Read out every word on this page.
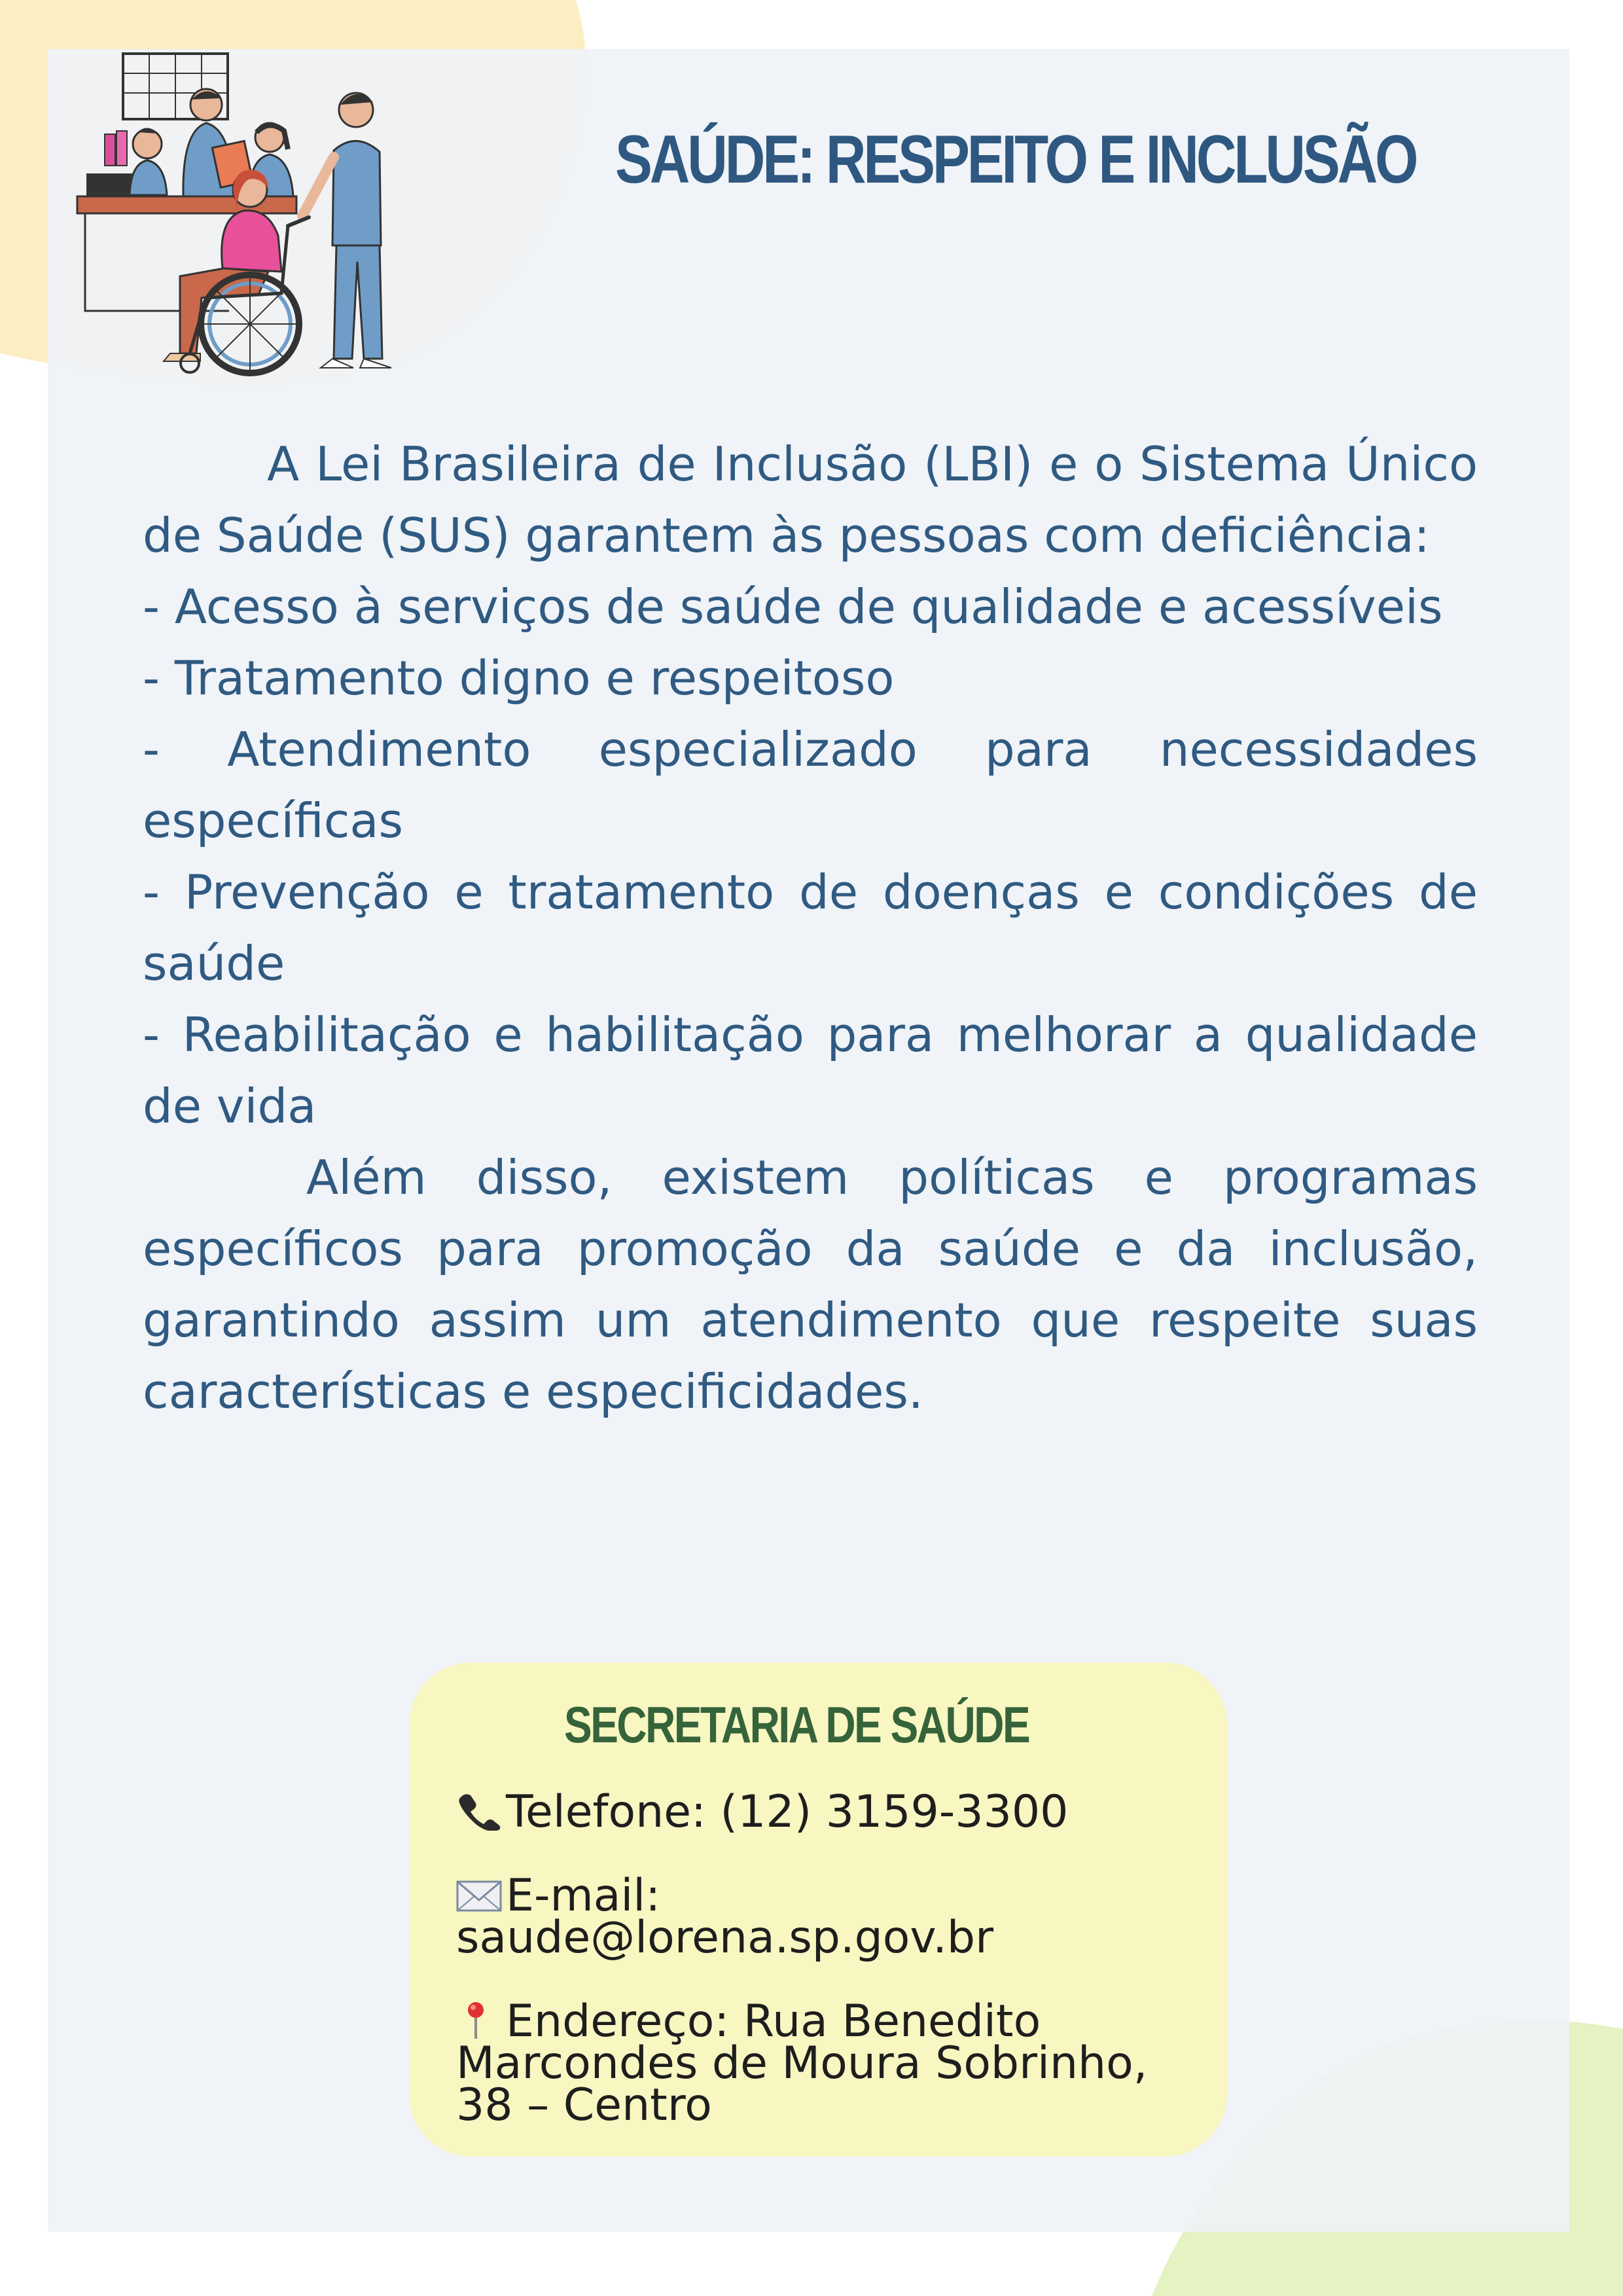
SAÚDE: RESPEITO E INCLUSÃO

A Lei Brasileira de Inclusão (LBI) e o Sistema Único de Saúde (SUS) garantem às pessoas com deficiência:

- Acesso à serviços de saúde de qualidade e acessíveis

- Tratamento digno e respeitoso

- Atendimento especializado para necessidades específicas

- Prevenção e tratamento de doenças e condições de saúde

- Reabilitação e habilitação para melhorar a qualidade de vida

Além disso, existem políticas e programas específicos para promoção da saúde e da inclusão, garantindo assim um atendimento que respeite suas características e especificidades.

SECRETARIA DE SAÚDE

Telefone: (12) 3159-3300

E-mail:
saude@lorena.sp.gov.br

Endereço: Rua Benedito
Marcondes de Moura Sobrinho,
38 – Centro
